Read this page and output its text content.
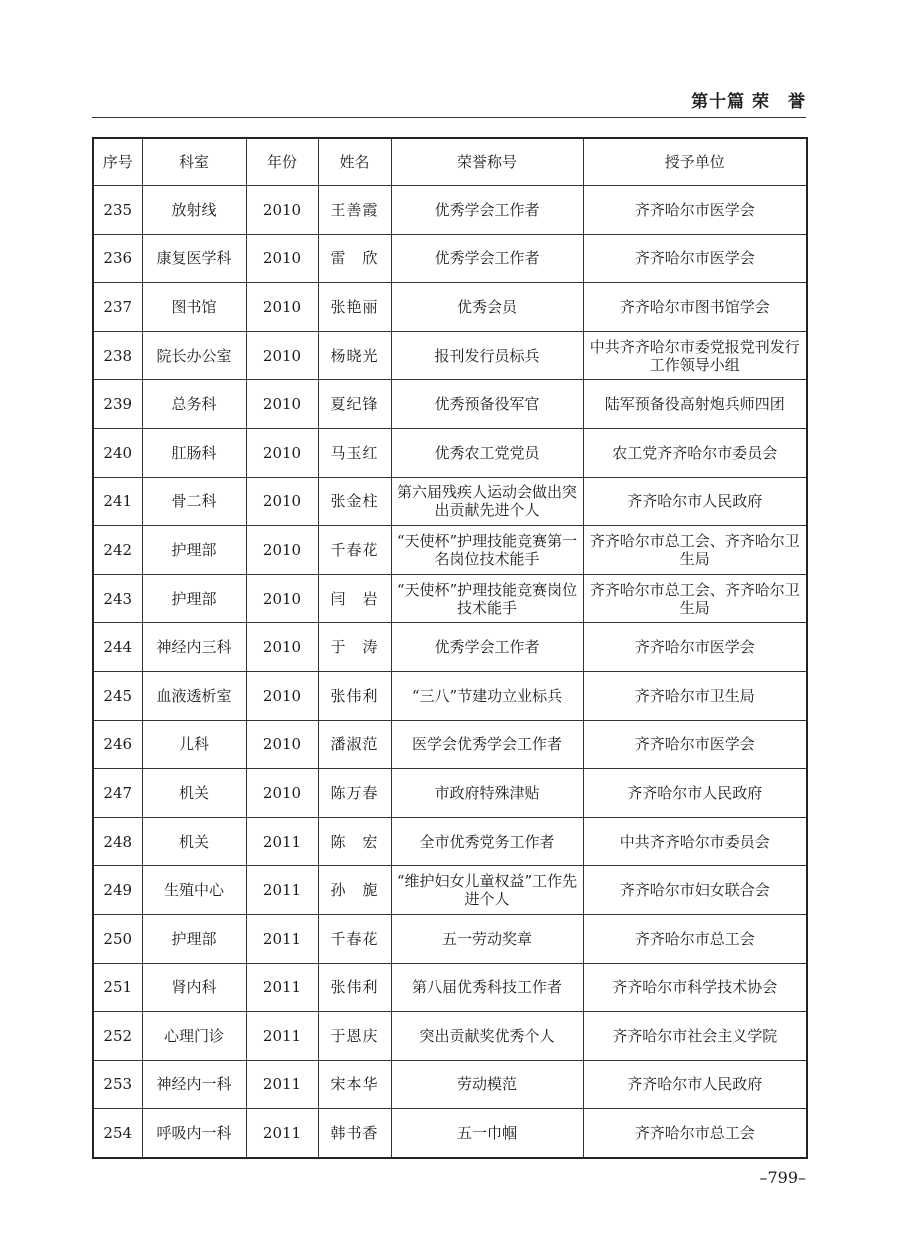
第十篇 荣　誉
序号	科室	年份	姓名	荣誉称号	授予单位
235	放射线	2010	王善霞	优秀学会工作者	齐齐哈尔市医学会
236	康复医学科	2010	雷　欣	优秀学会工作者	齐齐哈尔市医学会
237	图书馆	2010	张艳丽	优秀会员	齐齐哈尔市图书馆学会
238	院长办公室	2010	杨晓光	报刊发行员标兵	中共齐齐哈尔市委党报党刊发行工作领导小组
239	总务科	2010	夏纪锋	优秀预备役军官	陆军预备役高射炮兵师四团
240	肛肠科	2010	马玉红	优秀农工党党员	农工党齐齐哈尔市委员会
241	骨二科	2010	张金柱	第六届残疾人运动会做出突出贡献先进个人	齐齐哈尔市人民政府
242	护理部	2010	千春花	“天使杯”护理技能竞赛第一名岗位技术能手	齐齐哈尔市总工会、齐齐哈尔卫生局
243	护理部	2010	闫　岩	“天使杯”护理技能竞赛岗位技术能手	齐齐哈尔市总工会、齐齐哈尔卫生局
244	神经内三科	2010	于　涛	优秀学会工作者	齐齐哈尔市医学会
245	血液透析室	2010	张伟利	“三八”节建功立业标兵	齐齐哈尔市卫生局
246	儿科	2010	潘淑范	医学会优秀学会工作者	齐齐哈尔市医学会
247	机关	2010	陈万春	市政府特殊津贴	齐齐哈尔市人民政府
248	机关	2011	陈　宏	全市优秀党务工作者	中共齐齐哈尔市委员会
249	生殖中心	2011	孙　旎	“维护妇女儿童权益”工作先进个人	齐齐哈尔市妇女联合会
250	护理部	2011	千春花	五一劳动奖章	齐齐哈尔市总工会
251	肾内科	2011	张伟利	第八届优秀科技工作者	齐齐哈尔市科学技术协会
252	心理门诊	2011	于恩庆	突出贡献奖优秀个人	齐齐哈尔市社会主义学院
253	神经内一科	2011	宋本华	劳动模范	齐齐哈尔市人民政府
254	呼吸内一科	2011	韩书香	五一巾帼	齐齐哈尔市总工会
–799–
